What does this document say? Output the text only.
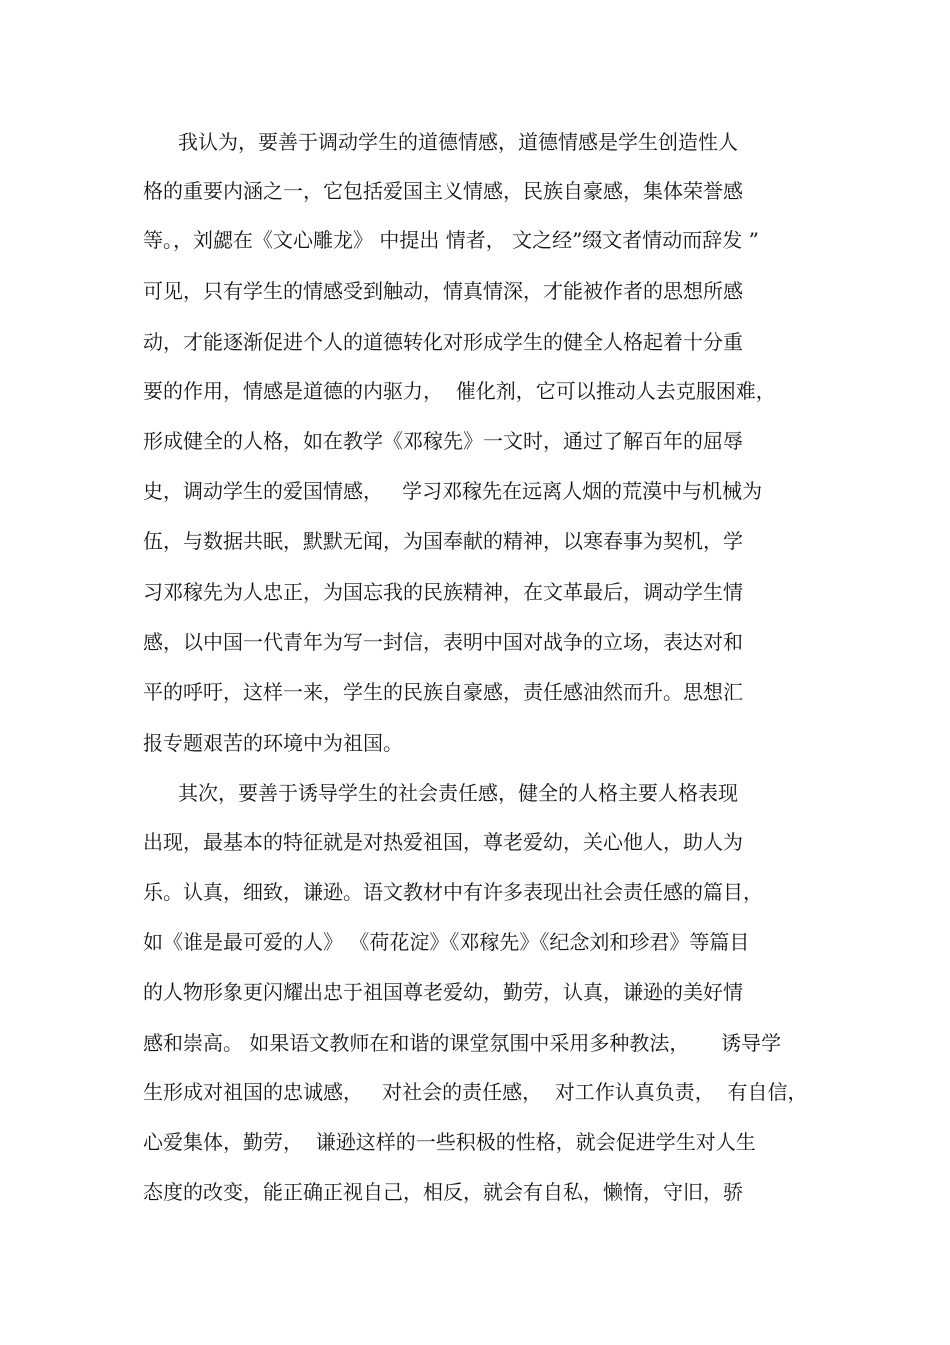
我认为，要善于调动学生的道德情感，道德情感是学生创造性人
格的重要内涵之一，它包括爱国主义情感，民族自豪感，集体荣誉感
等。，刘勰在《文心雕龙》 中提出 情者， 文之经”缀文者情动而辞发 ”
可见，只有学生的情感受到触动，情真情深，才能被作者的思想所感
动，才能逐渐促进个人的道德转化对形成学生的健全人格起着十分重
要的作用，情感是道德的内驱力，  催化剂，它可以推动人去克服困难，
形成健全的人格，如在教学《邓稼先》一文时，通过了解百年的屈辱
史，调动学生的爱国情感，   学习邓稼先在远离人烟的荒漠中与机械为
伍，与数据共眠，默默无闻，为国奉献的精神，以寒春事为契机，学
习邓稼先为人忠正，为国忘我的民族精神，在文革最后，调动学生情
感，以中国一代青年为写一封信，表明中国对战争的立场，表达对和
平的呼吁，这样一来，学生的民族自豪感，责任感油然而升。思想汇
报专题艰苦的环境中为祖国。
其次，要善于诱导学生的社会责任感，健全的人格主要人格表现
出现，最基本的特征就是对热爱祖国，尊老爱幼，关心他人，助人为
乐。认真，细致，谦逊。语文教材中有许多表现出社会责任感的篇目，
如《谁是最可爱的人》 《荷花淀》《邓稼先》《纪念刘和珍君》等篇目
的人物形象更闪耀出忠于祖国尊老爱幼，勤劳，认真，谦逊的美好情
感和崇高。 如果语文教师在和谐的课堂氛围中采用多种教法，     诱导学
生形成对祖国的忠诚感，   对社会的责任感，  对工作认真负责，  有自信，
心爱集体，勤劳，  谦逊这样的一些积极的性格，就会促进学生对人生
态度的改变，能正确正视自己，相反，就会有自私，懒惰，守旧，骄
